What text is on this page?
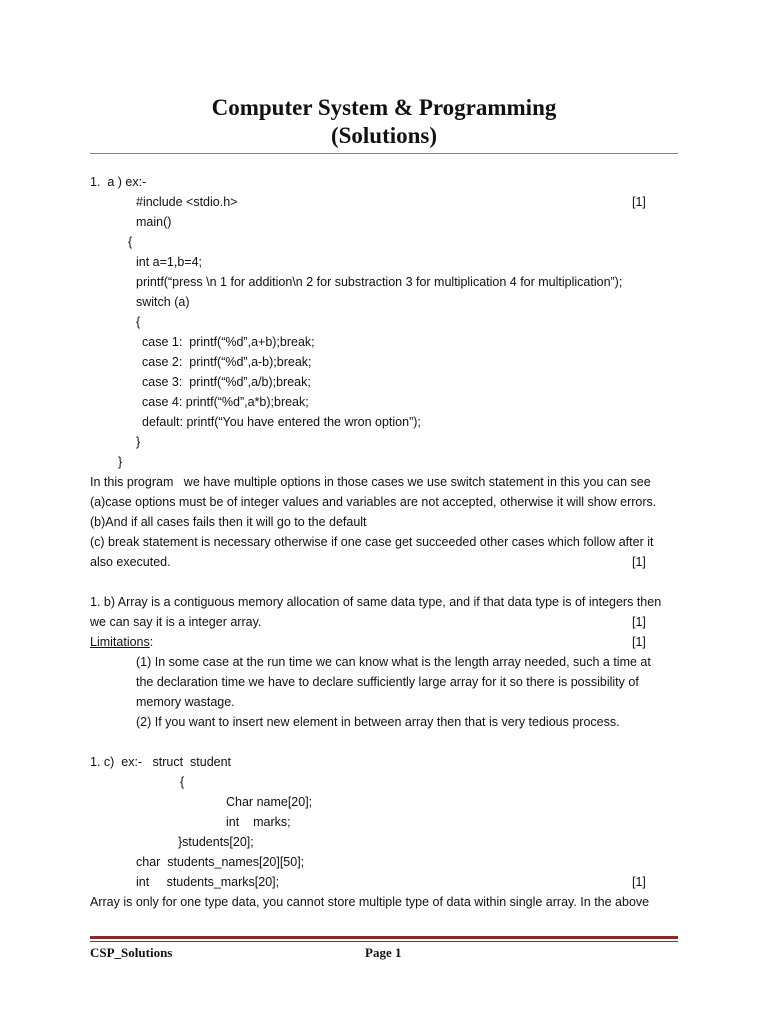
Computer System & Programming
(Solutions)
1.  a ) ex:-
#include <stdio.h>	[1]
main()
{
int a=1,b=4;
printf(“press \n 1 for addition\n 2 for substraction 3 for multiplication 4 for multiplication”);
switch (a)
{
case 1:  printf(“%d”,a+b);break;
case 2:  printf(“%d”,a-b);break;
case 3:  printf(“%d”,a/b);break;
case 4: printf(“%d”,a*b);break;
default: printf(“You have entered the wron option”);
}
}
In this program   we have multiple options in those cases we use switch statement in this you can see
(a)case options must be of integer values and variables are not accepted, otherwise it will show errors.
(b)And if all cases fails then it will go to the default
(c) break statement is necessary otherwise if one case get succeeded other cases which follow after it
also executed.	[1]
1. b) Array is a contiguous memory allocation of same data type, and if that data type is of integers then
we can say it is a integer array.	[1]
Limitations:	[1]
(1) In some case at the run time we can know what is the length array needed, such a time at
the declaration time we have to declare sufficiently large array for it so there is possibility of
memory wastage.
(2) If you want to insert new element in between array then that is very tedious process.
1. c)  ex:-   struct  student
{
Char name[20];
int    marks;
}students[20];
char  students_names[20][50];
int     students_marks[20];	[1]
Array is only for one type data, you cannot store multiple type of data within single array. In the above
CSP_Solutions	Page 1
